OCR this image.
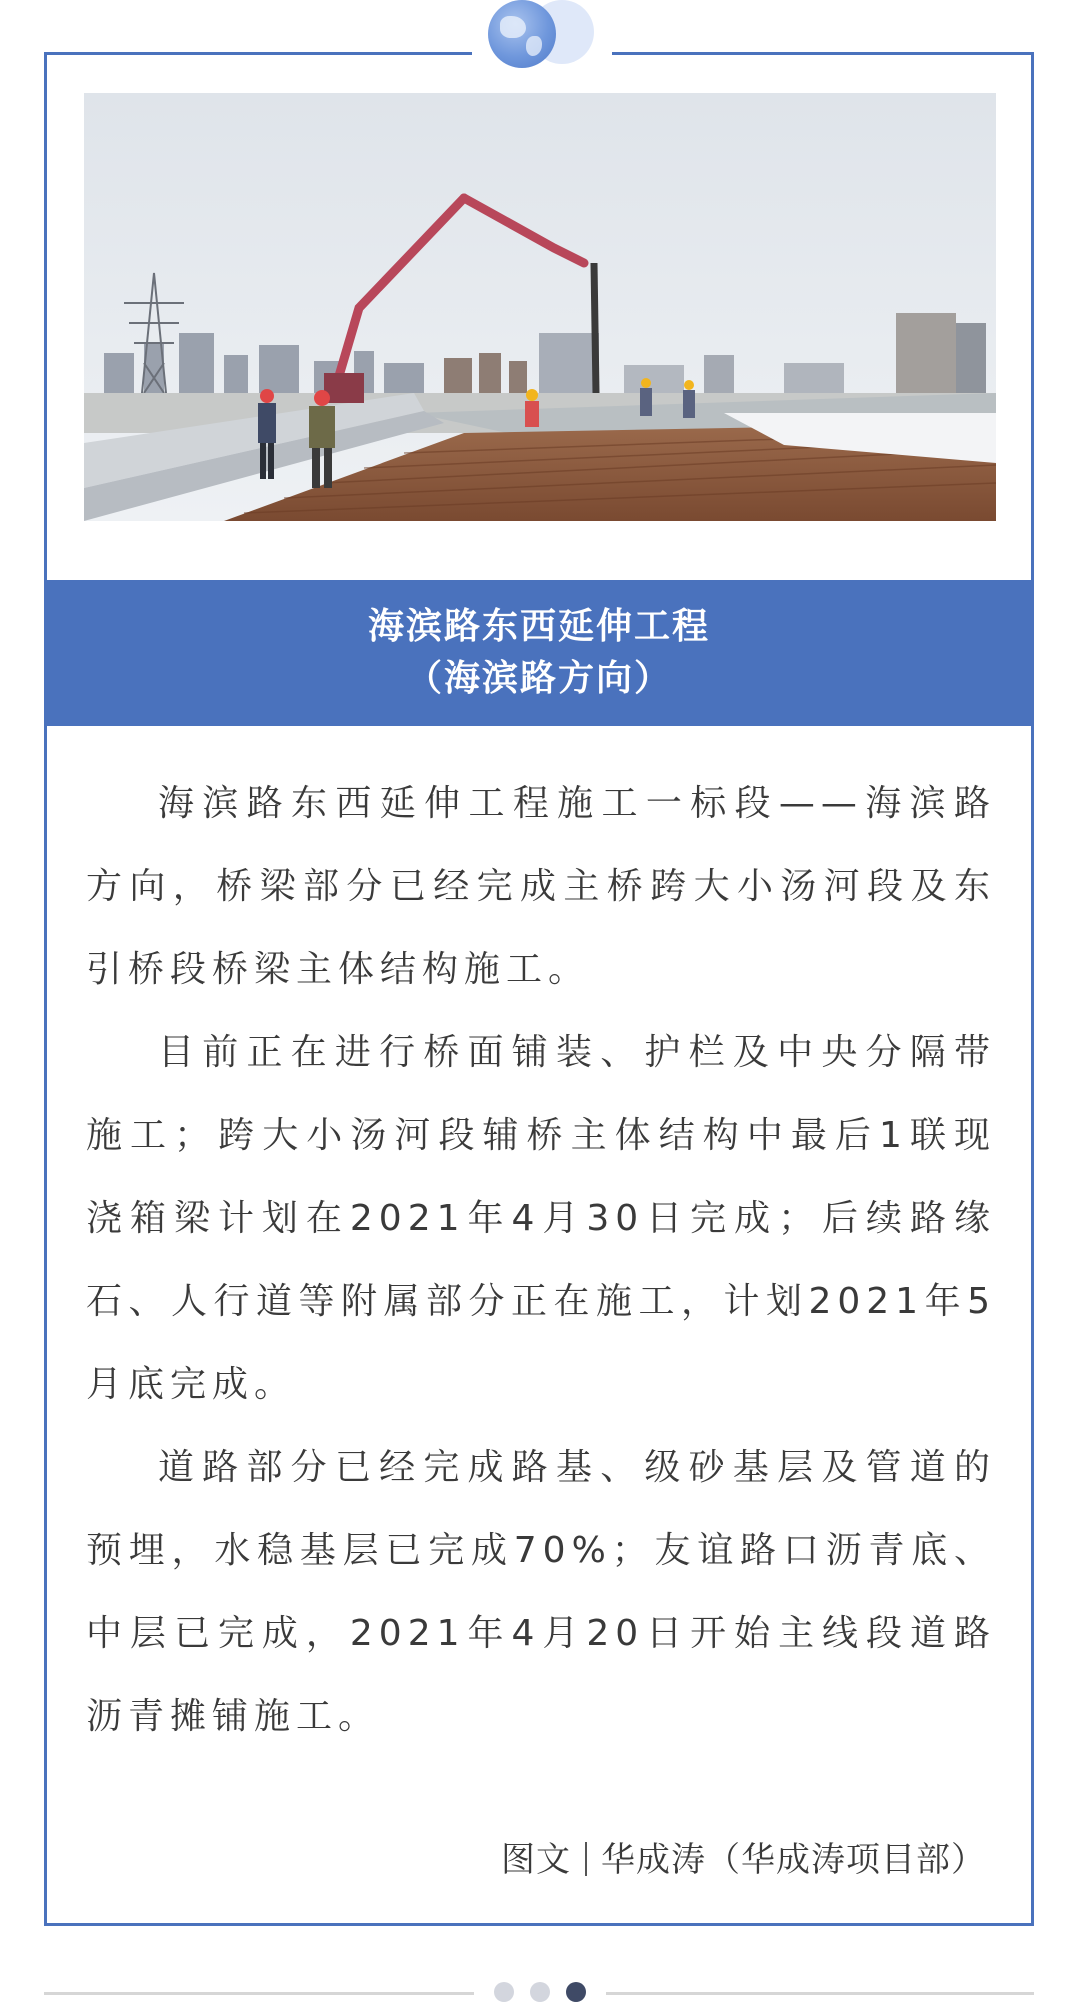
海滨路东西延伸工程
（海滨路方向）

海滨路东西延伸工程施工一标段——海滨路方向，桥梁部分已经完成主桥跨大小汤河段及东引桥段桥梁主体结构施工。

目前正在进行桥面铺装、护栏及中央分隔带施工；跨大小汤河段辅桥主体结构中最后1联现浇箱梁计划在2021年4月30日完成；后续路缘石、人行道等附属部分正在施工，计划2021年5月底完成。

道路部分已经完成路基、级砂基层及管道的预埋，水稳基层已完成70%；友谊路口沥青底、中层已完成，2021年4月20日开始主线段道路沥青摊铺施工。

图文 华成涛（华成涛项目部）
